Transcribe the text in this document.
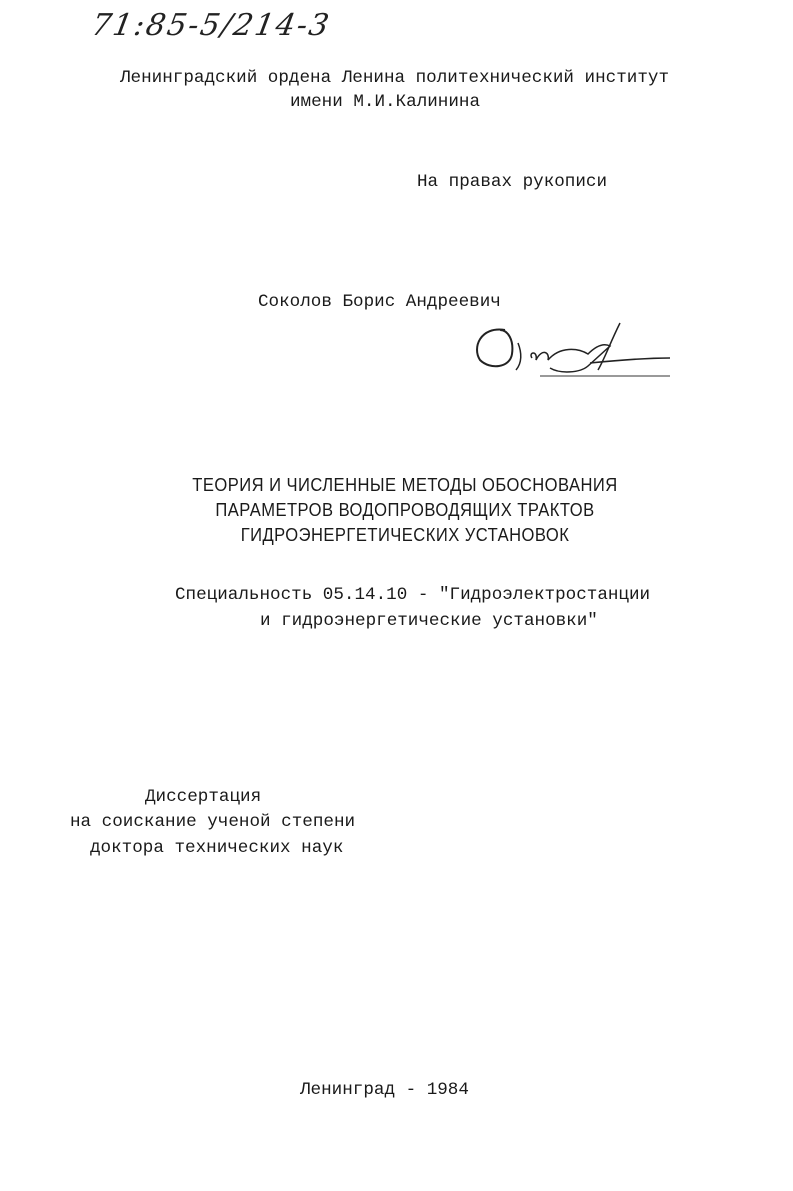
71:85-5/214-3
Ленинградский ордена Ленина политехнический институт
имени М.И.Калинина
На правах рукописи
Соколов Борис Андреевич
ТЕОРИЯ И ЧИСЛЕННЫЕ МЕТОДЫ ОБОСНОВАНИЯ
ПАРАМЕТРОВ ВОДОПРОВОДЯЩИХ ТРАКТОВ
ГИДРОЭНЕРГЕТИЧЕСКИХ УСТАНОВОК
Специальность 05.14.10 - "Гидроэлектростанции
и гидроэнергетические установки"
Диссертация
на соискание ученой степени
доктора технических наук
Ленинград - 1984
